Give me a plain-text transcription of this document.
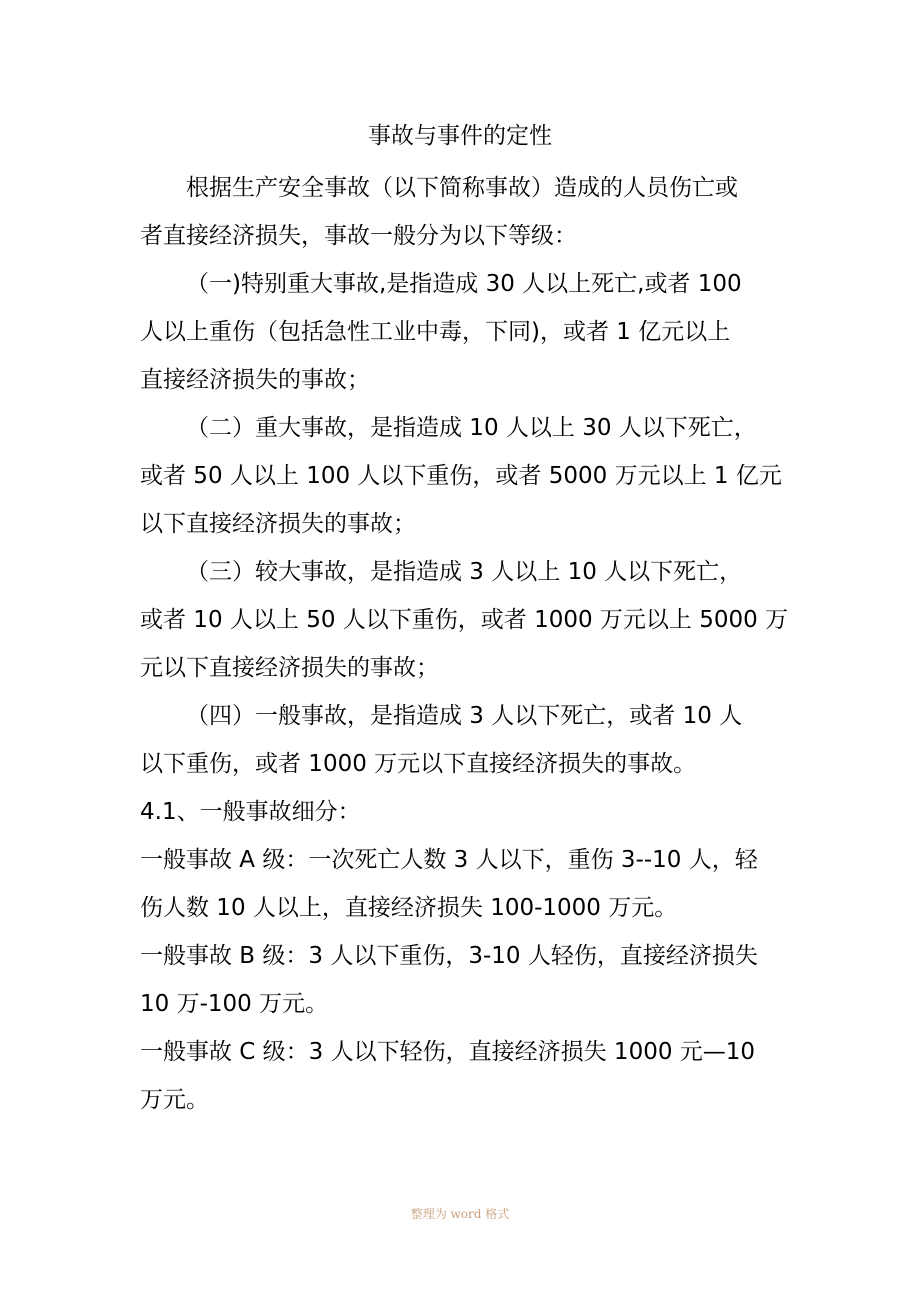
事故与事件的定性
根据生产安全事故（以下简称事故）造成的人员伤亡或
者直接经济损失，事故一般分为以下等级：
（一)特别重大事故,是指造成 30 人以上死亡,或者 100
人以上重伤（包括急性工业中毒，下同)，或者 1 亿元以上
直接经济损失的事故；
（二）重大事故，是指造成 10 人以上 30 人以下死亡，
或者 50 人以上 100 人以下重伤，或者 5000 万元以上 1 亿元
以下直接经济损失的事故；
（三）较大事故，是指造成 3 人以上 10 人以下死亡，
或者 10 人以上 50 人以下重伤，或者 1000 万元以上 5000 万
元以下直接经济损失的事故；
（四）一般事故，是指造成 3 人以下死亡，或者 10 人
以下重伤，或者 1000 万元以下直接经济损失的事故。
4.1、一般事故细分：
一般事故 A 级：一次死亡人数 3 人以下，重伤 3--10 人，轻
伤人数 10 人以上，直接经济损失 100-1000 万元。
一般事故 B 级：3 人以下重伤，3-10 人轻伤，直接经济损失
10 万-100 万元。
一般事故 C 级：3 人以下轻伤，直接经济损失 1000 元—10
万元。
整理为 word 格式
